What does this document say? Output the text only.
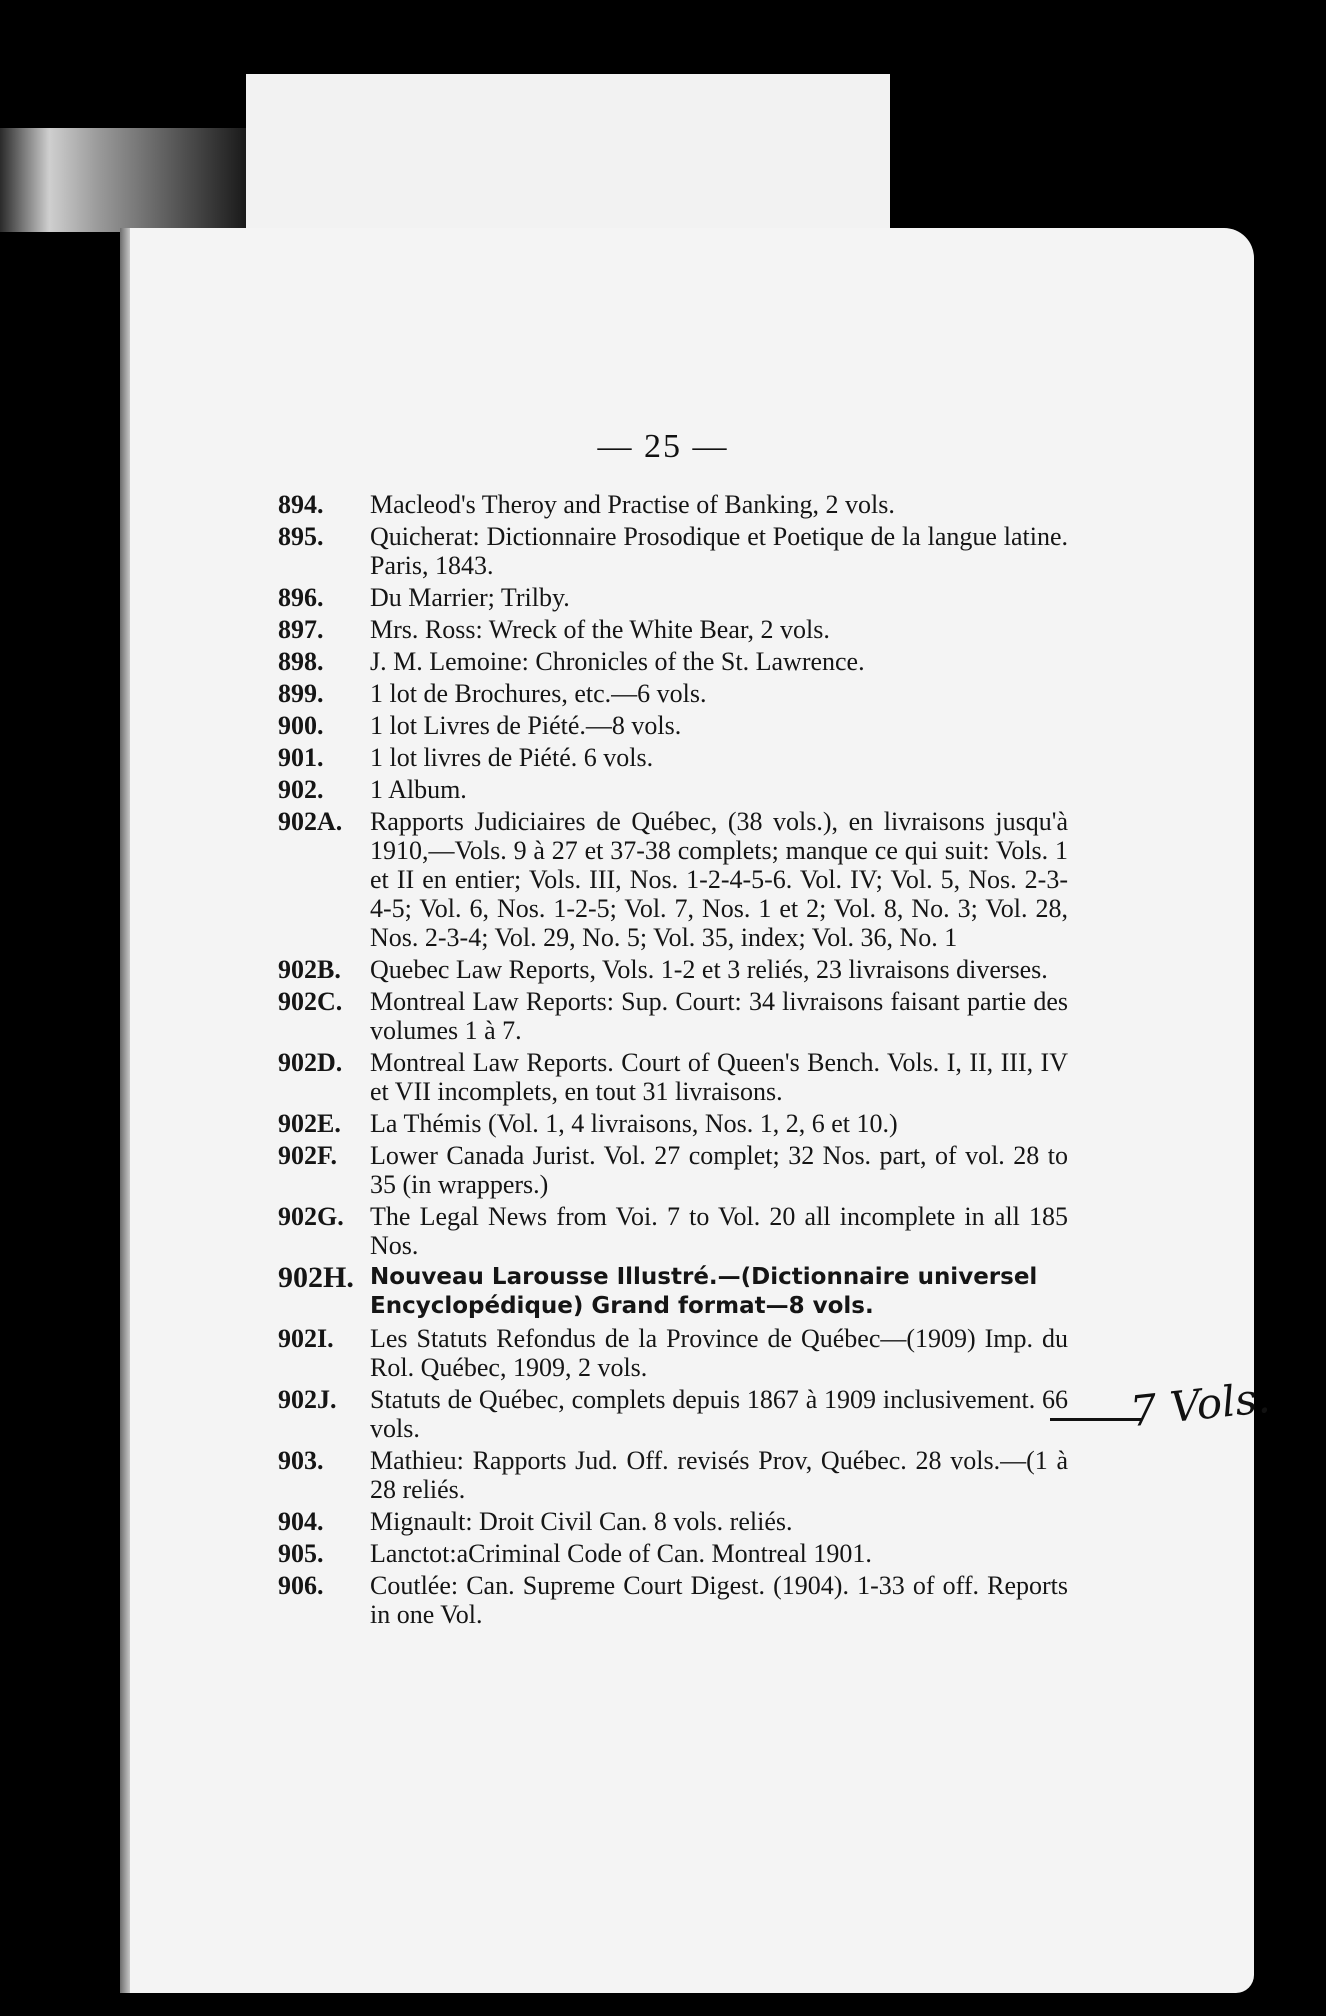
— 25 —
894. Macleod's Theroy and Practise of Banking, 2 vols.
895. Quicherat: Dictionnaire Prosodique et Poetique de la langue latine. Paris, 1843.
896. Du Marrier; Trilby.
897. Mrs. Ross: Wreck of the White Bear, 2 vols.
898. J. M. Lemoine: Chronicles of the St. Lawrence.
899. 1 lot de Brochures, etc.—6 vols.
900. 1 lot Livres de Piété.—8 vols.
901. 1 lot livres de Piété. 6 vols.
902. 1 Album.
902A. Rapports Judiciaires de Québec, (38 vols.), en livraisons jusqu'à 1910,—Vols. 9 à 27 et 37-38 complets; manque ce qui suit: Vols. 1 et II en entier; Vols. III, Nos. 1-2-4-5-6. Vol. IV; Vol. 5, Nos. 2-3-4-5; Vol. 6, Nos. 1-2-5; Vol. 7, Nos. 1 et 2; Vol. 8, No. 3; Vol. 28, Nos. 2-3-4; Vol. 29, No. 5; Vol. 35, index; Vol. 36, No. 1
902B. Quebec Law Reports, Vols. 1-2 et 3 reliés, 23 livraisons diverses.
902C. Montreal Law Reports: Sup. Court: 34 livraisons faisant partie des volumes 1 à 7.
902D. Montreal Law Reports. Court of Queen's Bench. Vols. I, II, III, IV et VII incomplets, en tout 31 livraisons.
902E. La Thémis (Vol. 1, 4 livraisons, Nos. 1, 2, 6 et 10.)
902F. Lower Canada Jurist. Vol. 27 complet; 32 Nos. part, of vol. 28 to 35 (in wrappers.)
902G. The Legal News from Voi. 7 to Vol. 20 all incomplete in all 185 Nos.
902H. Nouveau Larousse Illustré.—(Dictionnaire universel Encyclopédique) Grand format—8 vols.
902I. Les Statuts Refondus de la Province de Québec—(1909) Imp. du Rol. Québec, 1909, 2 vols.
902J. Statuts de Québec, complets depuis 1867 à 1909 inclusivement. 66 vols.
903. Mathieu: Rapports Jud. Off. revisés Prov, Québec. 28 vols.—(1 à 28 reliés.
904. Mignault: Droit Civil Can. 8 vols. reliés.
905. Lanctot:aCriminal Code of Can. Montreal 1901.
906. Coutlée: Can. Supreme Court Digest. (1904). 1-33 of off. Reports in one Vol.
7 Vols.
